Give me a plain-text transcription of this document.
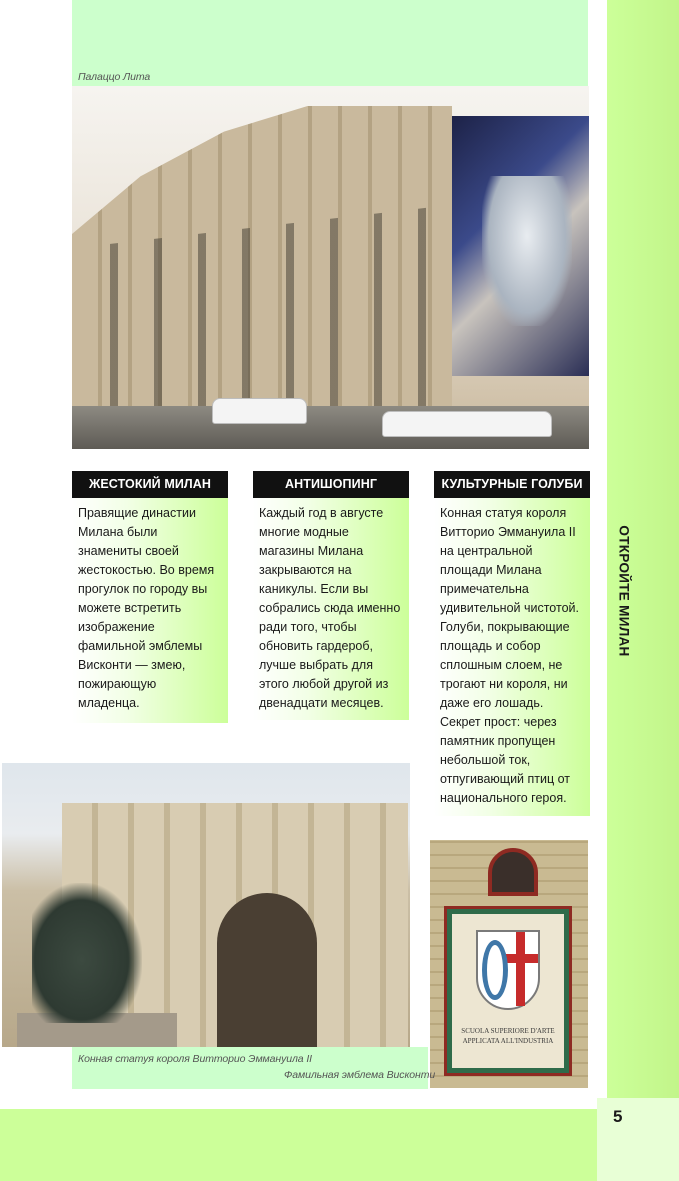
Палаццо Лита
ОТКРОЙТЕ МИЛАН
ЖЕСТОКИЙ МИЛАН

Правящие династии
Милана были
знамениты своей
жестокостью. Во время
прогулок по городу вы
можете встретить
изображение
фамильной эмблемы
Висконти — змею,
пожирающую
младенца.

АНТИШОПИНГ

Каждый год в августе
многие модные
магазины Милана
закрываются на
каникулы. Если вы
собрались сюда именно
ради того, чтобы
обновить гардероб,
лучше выбрать для
этого любой другой из
двенадцати месяцев.

КУЛЬТУРНЫЕ ГОЛУБИ

Конная статуя короля
Витторио Эммануила II
на центральной
площади Милана
примечательна
удивительной чистотой.
Голуби, покрывающие
площадь и собор
сплошным слоем, не
трогают ни короля, ни
даже его лошадь.
Секрет прост: через
памятник пропущен
небольшой ток,
отпугивающий птиц от
национального героя.

SCUOLA SUPERIORE D'ARTE APPLICATA ALL'INDUSTRIA
Конная статуя короля Витторио Эммануила II
Фамильная эмблема Висконти
5
